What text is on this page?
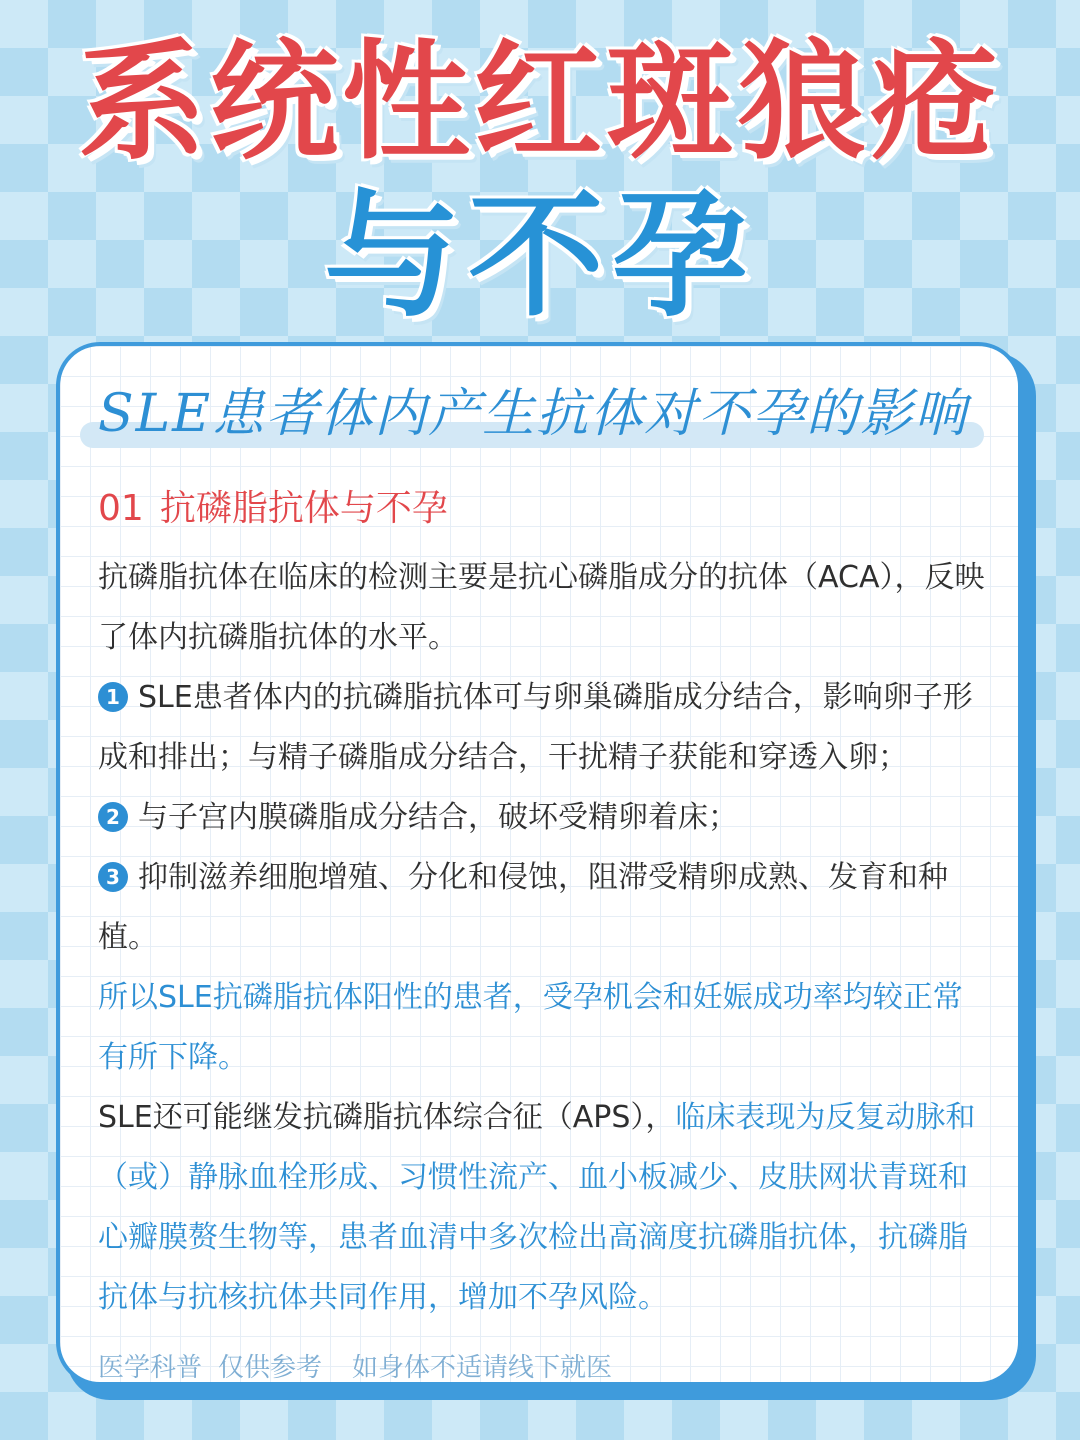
系统性红斑狼疮
与不孕
SLE患者体内产生抗体对不孕的影响
01 抗磷脂抗体与不孕

抗磷脂抗体在临床的检测主要是抗心磷脂成分的抗体（ACA），反映了体内抗磷脂抗体的水平。

1 SLE患者体内的抗磷脂抗体可与卵巢磷脂成分结合，影响卵子形成和排出；与精子磷脂成分结合，干扰精子获能和穿透入卵；

2 与子宫内膜磷脂成分结合，破坏受精卵着床；

3 抑制滋养细胞增殖、分化和侵蚀，阻滞受精卵成熟、发育和种植。

所以SLE抗磷脂抗体阳性的患者，受孕机会和妊娠成功率均较正常有所下降。

SLE还可能继发抗磷脂抗体综合征（APS），临床表现为反复动脉和（或）静脉血栓形成、习惯性流产、血小板减少、皮肤网状青斑和心瓣膜赘生物等，患者血清中多次检出高滴度抗磷脂抗体，抗磷脂抗体与抗核抗体共同作用，增加不孕风险。

医学科普 仅供参考 如身体不适请线下就医
